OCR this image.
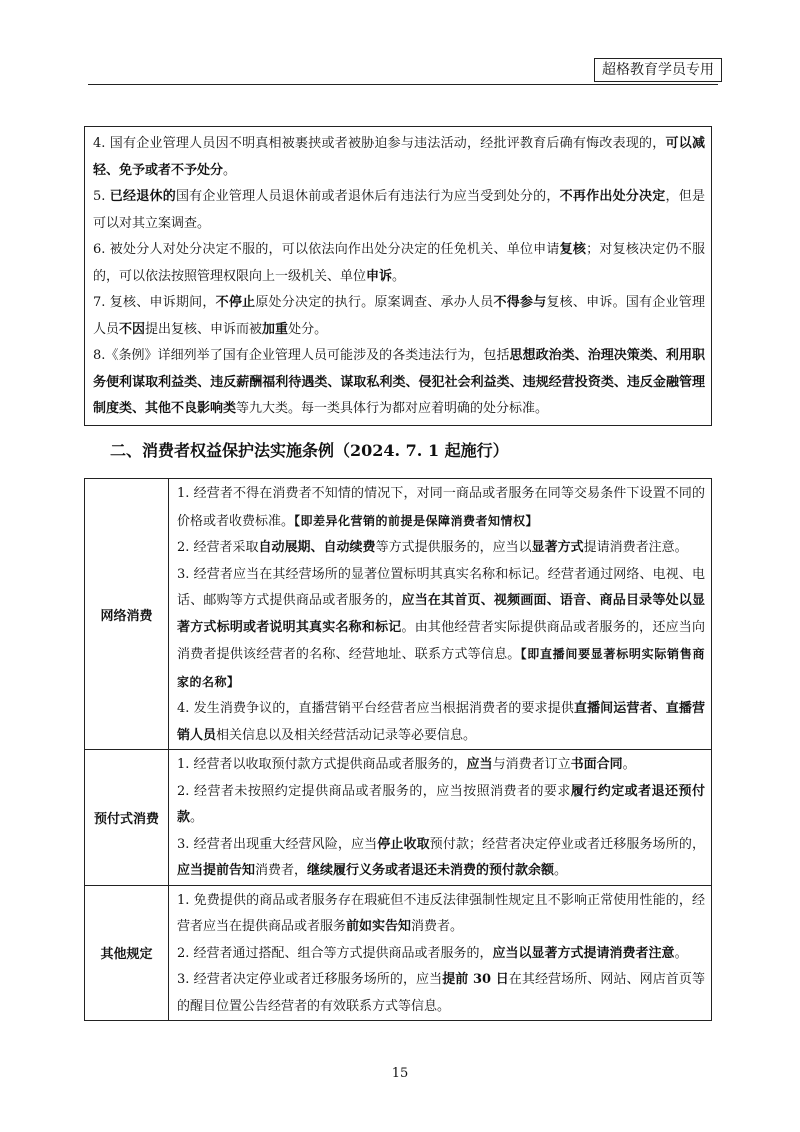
超格教育学员专用

4. 国有企业管理人员因不明真相被裹挟或者被胁迫参与违法活动，经批评教育后确有悔改表现的，可以减轻、免予或者不予处分。

5. 已经退休的国有企业管理人员退休前或者退休后有违法行为应当受到处分的，不再作出处分决定，但是可以对其立案调查。

6. 被处分人对处分决定不服的，可以依法向作出处分决定的任免机关、单位申请复核；对复核决定仍不服的，可以依法按照管理权限向上一级机关、单位申诉。

7. 复核、申诉期间，不停止原处分决定的执行。原案调查、承办人员不得参与复核、申诉。国有企业管理人员不因提出复核、申诉而被加重处分。

8.《条例》详细列举了国有企业管理人员可能涉及的各类违法行为，包括思想政治类、治理决策类、利用职务便利谋取利益类、违反薪酬福利待遇类、谋取私利类、侵犯社会利益类、违规经营投资类、违反金融管理制度类、其他不良影响类等九大类。每一类具体行为都对应着明确的处分标准。

二、消费者权益保护法实施条例（2024. 7. 1 起施行）
网络消费	1. 经营者不得在消费者不知情的情况下，对同一商品或者服务在同等交易条件下设置不同的价格或者收费标准。【即差异化营销的前提是保障消费者知情权】

2. 经营者采取自动展期、自动续费等方式提供服务的，应当以显著方式提请消费者注意。

3. 经营者应当在其经营场所的显著位置标明其真实名称和标记。经营者通过网络、电视、电话、邮购等方式提供商品或者服务的，应当在其首页、视频画面、语音、商品目录等处以显著方式标明或者说明其真实名称和标记。由其他经营者实际提供商品或者服务的，还应当向消费者提供该经营者的名称、经营地址、联系方式等信息。【即直播间要显著标明实际销售商家的名称】

4. 发生消费争议的，直播营销平台经营者应当根据消费者的要求提供直播间运营者、直播营销人员相关信息以及相关经营活动记录等必要信息。

预付式消费	1. 经营者以收取预付款方式提供商品或者服务的，应当与消费者订立书面合同。

2. 经营者未按照约定提供商品或者服务的，应当按照消费者的要求履行约定或者退还预付款。

3. 经营者出现重大经营风险，应当停止收取预付款；经营者决定停业或者迁移服务场所的，应当提前告知消费者，继续履行义务或者退还未消费的预付款余额。

其他规定	1. 免费提供的商品或者服务存在瑕疵但不违反法律强制性规定且不影响正常使用性能的，经营者应当在提供商品或者服务前如实告知消费者。

2. 经营者通过搭配、组合等方式提供商品或者服务的，应当以显著方式提请消费者注意。

3. 经营者决定停业或者迁移服务场所的，应当提前 30 日在其经营场所、网站、网店首页等的醒目位置公告经营者的有效联系方式等信息。

15
